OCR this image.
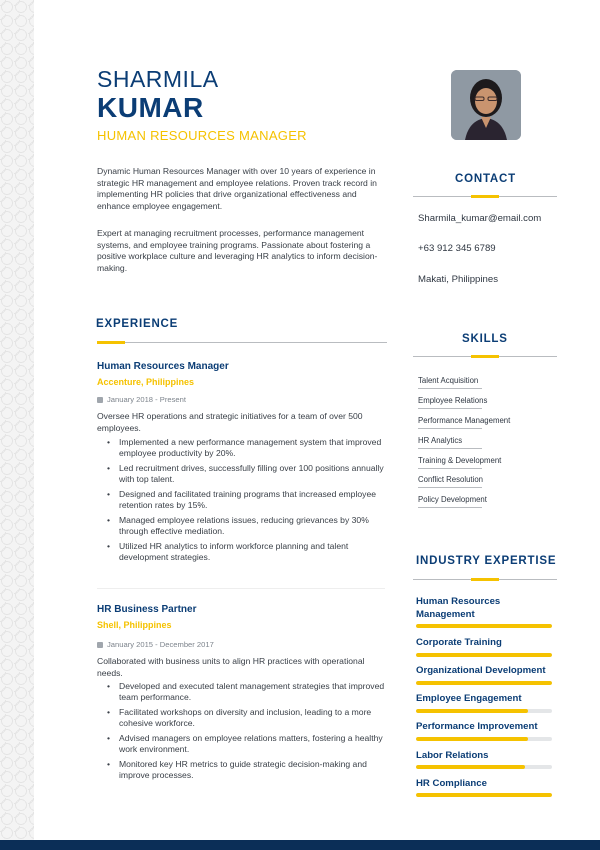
SHARMILA
KUMAR
HUMAN RESOURCES MANAGER
Dynamic Human Resources Manager with over 10 years of experience in strategic HR management and employee relations. Proven track record in implementing HR policies that drive organizational effectiveness and enhance employee engagement.
Expert at managing recruitment processes, performance management systems, and employee training programs. Passionate about fostering a positive workplace culture and leveraging HR analytics to inform decision-making.
EXPERIENCE
Human Resources Manager
Accenture, Philippines
January 2018 - Present
Oversee HR operations and strategic initiatives for a team of over 500 employees.
• Implemented a new performance management system that improved employee productivity by 20%.
• Led recruitment drives, successfully filling over 100 positions annually with top talent.
• Designed and facilitated training programs that increased employee retention rates by 15%.
• Managed employee relations issues, reducing grievances by 30% through effective mediation.
• Utilized HR analytics to inform workforce planning and talent development strategies.
HR Business Partner
Shell, Philippines
January 2015 - December 2017
Collaborated with business units to align HR practices with operational needs.
• Developed and executed talent management strategies that improved team performance.
• Facilitated workshops on diversity and inclusion, leading to a more cohesive workforce.
• Advised managers on employee relations matters, fostering a healthy work environment.
• Monitored key HR metrics to guide strategic decision-making and improve processes.
CONTACT
Sharmila_kumar@email.com
+63 912 345 6789
Makati, Philippines
SKILLS
Talent Acquisition
Employee Relations
Performance Management
HR Analytics
Training & Development
Conflict Resolution
Policy Development
INDUSTRY EXPERTISE
Human Resources Management
Corporate Training
Organizational Development
Employee Engagement
Performance Improvement
Labor Relations
HR Compliance
